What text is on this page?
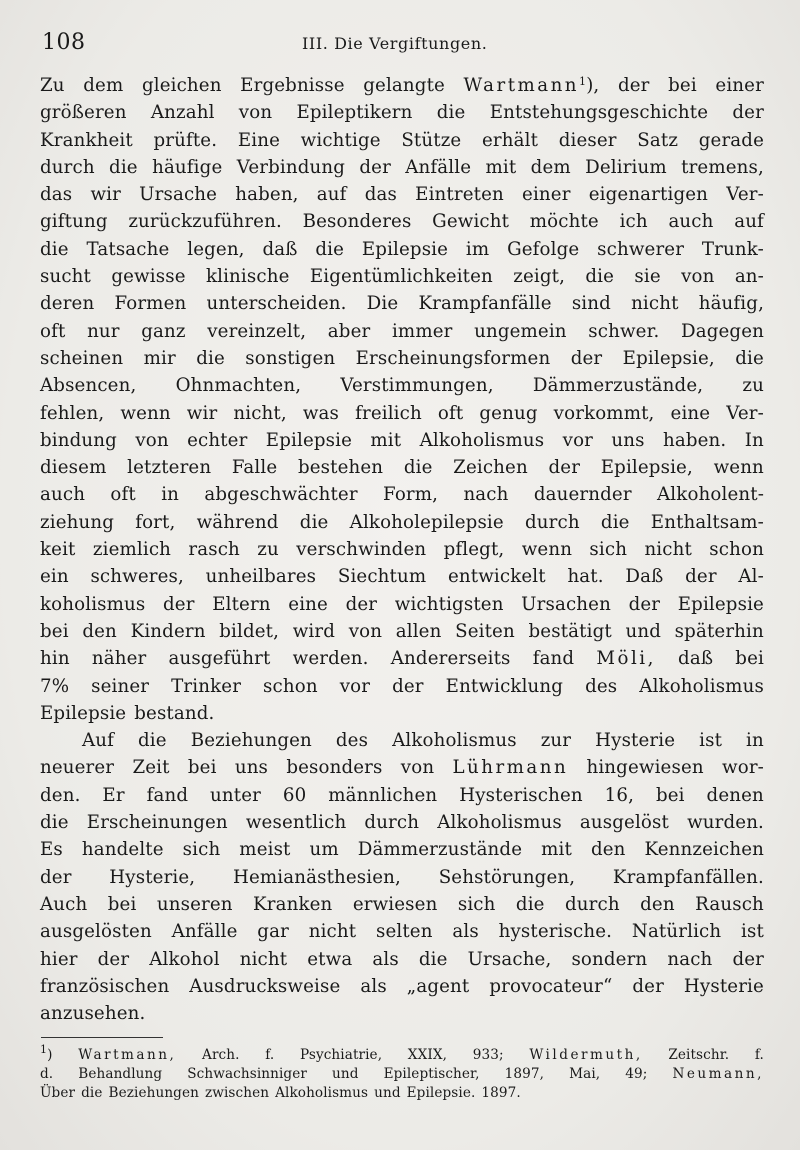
108	III. Die Vergiftungen.
Zu dem gleichen Ergebnisse gelangte Wartmann$^1$), der bei einer
größeren Anzahl von Epileptikern die Entstehungsgeschichte der
Krankheit prüfte. Eine wichtige Stütze erhält dieser Satz gerade
durch die häufige Verbindung der Anfälle mit dem Delirium tremens,
das wir Ursache haben, auf das Eintreten einer eigenartigen Ver-
giftung zurückzuführen. Besonderes Gewicht möchte ich auch auf
die Tatsache legen, daß die Epilepsie im Gefolge schwerer Trunk-
sucht gewisse klinische Eigentümlichkeiten zeigt, die sie von an-
deren Formen unterscheiden. Die Krampfanfälle sind nicht häufig,
oft nur ganz vereinzelt, aber immer ungemein schwer. Dagegen
scheinen mir die sonstigen Erscheinungsformen der Epilepsie, die
Absencen, Ohnmachten, Verstimmungen, Dämmerzustände, zu
fehlen, wenn wir nicht, was freilich oft genug vorkommt, eine Ver-
bindung von echter Epilepsie mit Alkoholismus vor uns haben. In
diesem letzteren Falle bestehen die Zeichen der Epilepsie, wenn
auch oft in abgeschwächter Form, nach dauernder Alkoholent-
ziehung fort, während die Alkoholepilepsie durch die Enthaltsam-
keit ziemlich rasch zu verschwinden pflegt, wenn sich nicht schon
ein schweres, unheilbares Siechtum entwickelt hat. Daß der Al-
koholismus der Eltern eine der wichtigsten Ursachen der Epilepsie
bei den Kindern bildet, wird von allen Seiten bestätigt und späterhin
hin näher ausgeführt werden. Andererseits fand Möli, daß bei
7% seiner Trinker schon vor der Entwicklung des Alkoholismus
Epilepsie bestand.
Auf die Beziehungen des Alkoholismus zur Hysterie ist in
neuerer Zeit bei uns besonders von Lührmann hingewiesen wor-
den. Er fand unter 60 männlichen Hysterischen 16, bei denen
die Erscheinungen wesentlich durch Alkoholismus ausgelöst wurden.
Es handelte sich meist um Dämmerzustände mit den Kennzeichen
der Hysterie, Hemianästhesien, Sehstörungen, Krampfanfällen.
Auch bei unseren Kranken erwiesen sich die durch den Rausch
ausgelösten Anfälle gar nicht selten als hysterische. Natürlich ist
hier der Alkohol nicht etwa als die Ursache, sondern nach der
französischen Ausdrucksweise als „agent provocateur“ der Hysterie
anzusehen.
$^1$) Wartmann, Arch. f. Psychiatrie, XXIX, 933; Wildermuth, Zeitschr. f.
d. Behandlung Schwachsinniger und Epileptischer, 1897, Mai, 49; Neumann,
Über die Beziehungen zwischen Alkoholismus und Epilepsie. 1897.
